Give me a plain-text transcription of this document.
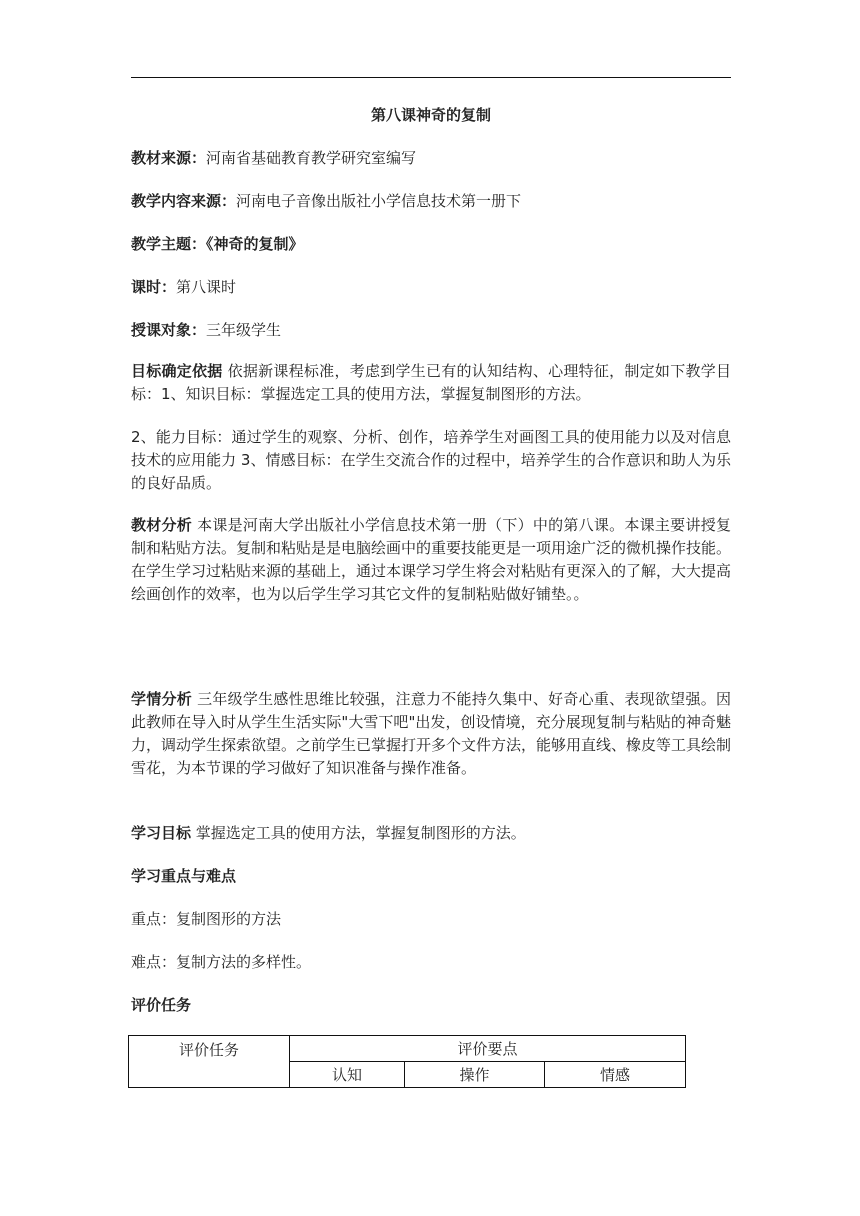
第八课神奇的复制
教材来源：河南省基础教育教学研究室编写
教学内容来源：河南电子音像出版社小学信息技术第一册下
教学主题：《神奇的复制》
课时：第八课时
授课对象：三年级学生
目标确定依据 依据新课程标准，考虑到学生已有的认知结构、心理特征，制定如下教学目标：1、知识目标：掌握选定工具的使用方法，掌握复制图形的方法。
2、能力目标：通过学生的观察、分析、创作，培养学生对画图工具的使用能力以及对信息技术的应用能力 3、情感目标：在学生交流合作的过程中，培养学生的合作意识和助人为乐的良好品质。
教材分析 本课是河南大学出版社小学信息技术第一册（下）中的第八课。本课主要讲授复制和粘贴方法。复制和粘贴是是电脑绘画中的重要技能更是一项用途广泛的微机操作技能。在学生学习过粘贴来源的基础上，通过本课学习学生将会对粘贴有更深入的了解，大大提高绘画创作的效率，也为以后学生学习其它文件的复制粘贴做好铺垫。。
学情分析 三年级学生感性思维比较强，注意力不能持久集中、好奇心重、表现欲望强。因此教师在导入时从学生生活实际"大雪下吧"出发，创设情境，充分展现复制与粘贴的神奇魅力，调动学生探索欲望。之前学生已掌握打开多个文件方法，能够用直线、橡皮等工具绘制雪花，为本节课的学习做好了知识准备与操作准备。
学习目标 掌握选定工具的使用方法，掌握复制图形的方法。
学习重点与难点
重点：复制图形的方法
难点：复制方法的多样性。
评价任务
评价任务	评价要点		
	认知	操作	情感
